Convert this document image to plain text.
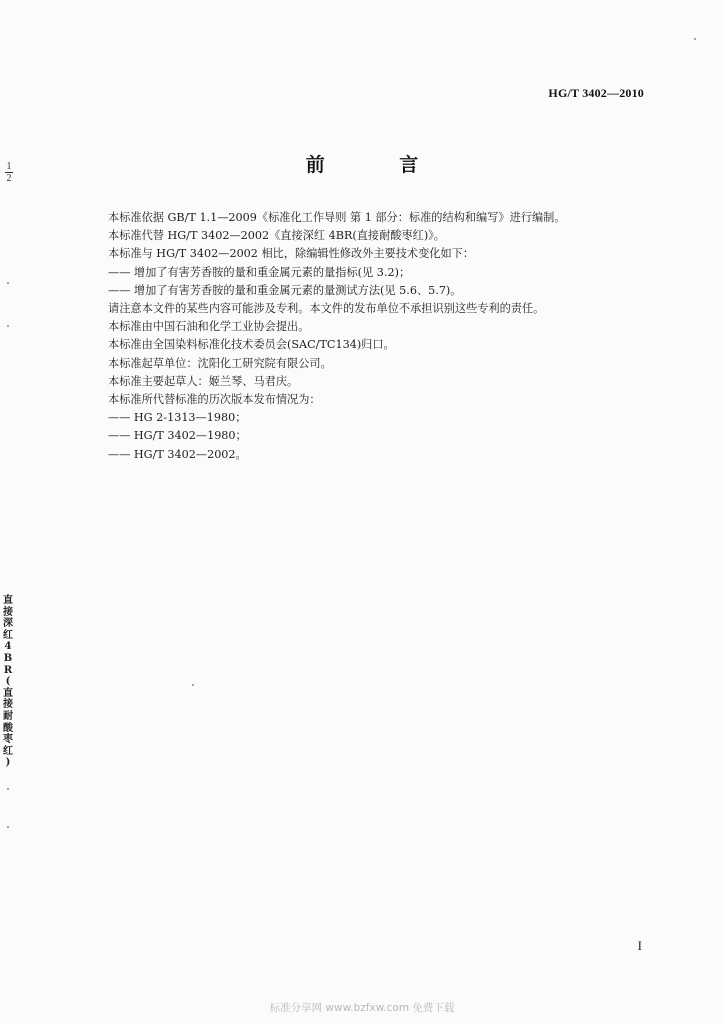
HG/T 3402—2010
前 言
本标准依据 GB/T 1.1—2009《标准化工作导则 第 1 部分：标准的结构和编写》进行编制。
本标准代替 HG/T 3402—2002《直接深红 4BR(直接耐酸枣红)》。
本标准与 HG/T 3402—2002 相比，除编辑性修改外主要技术变化如下：
—— 增加了有害芳香胺的量和重金属元素的量指标(见 3.2)；
—— 增加了有害芳香胺的量和重金属元素的量测试方法(见 5.6、5.7)。
请注意本文件的某些内容可能涉及专利。本文件的发布单位不承担识别这些专利的责任。
本标准由中国石油和化学工业协会提出。
本标准由全国染料标准化技术委员会(SAC/TC134)归口。
本标准起草单位：沈阳化工研究院有限公司。
本标准主要起草人：姬兰琴、马君庆。
本标准所代替标准的历次版本发布情况为：
—— HG 2-1313—1980；
—— HG/T 3402—1980；
—— HG/T 3402—2002。
1
2
直
接
深
红
4
B
R
(
直
接
耐
酸
枣
红
)
I
标准分享网 www.bzfxw.com 免费下载
